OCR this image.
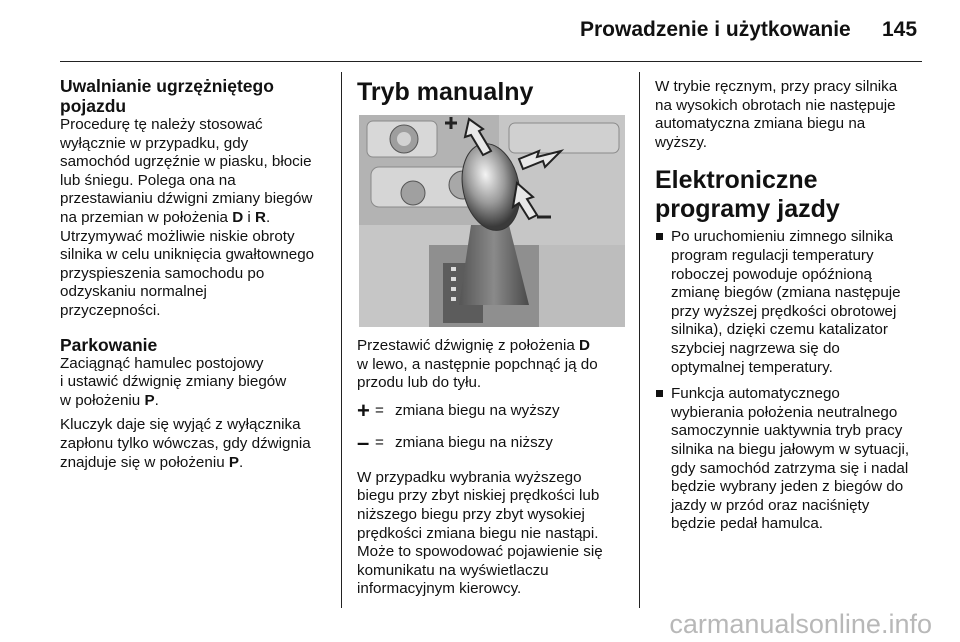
Prowadzenie i użytkowanie 145
Uwalnianie ugrzężniętego pojazdu

Procedurę tę należy stosować
wyłącznie w przypadku, gdy
samochód ugrzęźnie w piasku, błocie
lub śniegu. Polega ona na
przestawianiu dźwigni zmiany biegów
na przemian w położenia D i R.
Utrzymywać możliwie niskie obroty
silnika w celu uniknięcia gwałtownego
przyspieszenia samochodu po
odzyskaniu normalnej
przyczepności.

Parkowanie

Zaciągnąć hamulec postojowy
i ustawić dźwignię zmiany biegów
w położeniu P.

Kluczyk daje się wyjąć z wyłącznika
zapłonu tylko wówczas, gdy dźwignia
znajduje się w położeniu P.

Tryb manualny

Przestawić dźwignię z położenia D
w lewo, a następnie popchnąć ją do
przodu lub do tyłu.

+ = zmiana biegu na wyższy
– = zmiana biegu na niższy

W przypadku wybrania wyższego
biegu przy zbyt niskiej prędkości lub
niższego biegu przy zbyt wysokiej
prędkości zmiana biegu nie nastąpi.
Może to spowodować pojawienie się
komunikatu na wyświetlaczu
informacyjnym kierowcy.

W trybie ręcznym, przy pracy silnika
na wysokich obrotach nie następuje
automatyczna zmiana biegu na
wyższy.

Elektroniczne programy jazdy
Po uruchomieniu zimnego silnika
program regulacji temperatury
roboczej powoduje opóźnioną
zmianę biegów (zmiana następuje
przy wyższej prędkości obrotowej
silnika), dzięki czemu katalizator
szybciej nagrzewa się do
optymalnej temperatury.
Funkcja automatycznego
wybierania położenia neutralnego
samoczynnie uaktywnia tryb pracy
silnika na biegu jałowym w sytuacji,
gdy samochód zatrzyma się i nadal
będzie wybrany jeden z biegów do
jazdy w przód oraz naciśnięty
będzie pedał hamulca.
carmanualsonline.info
